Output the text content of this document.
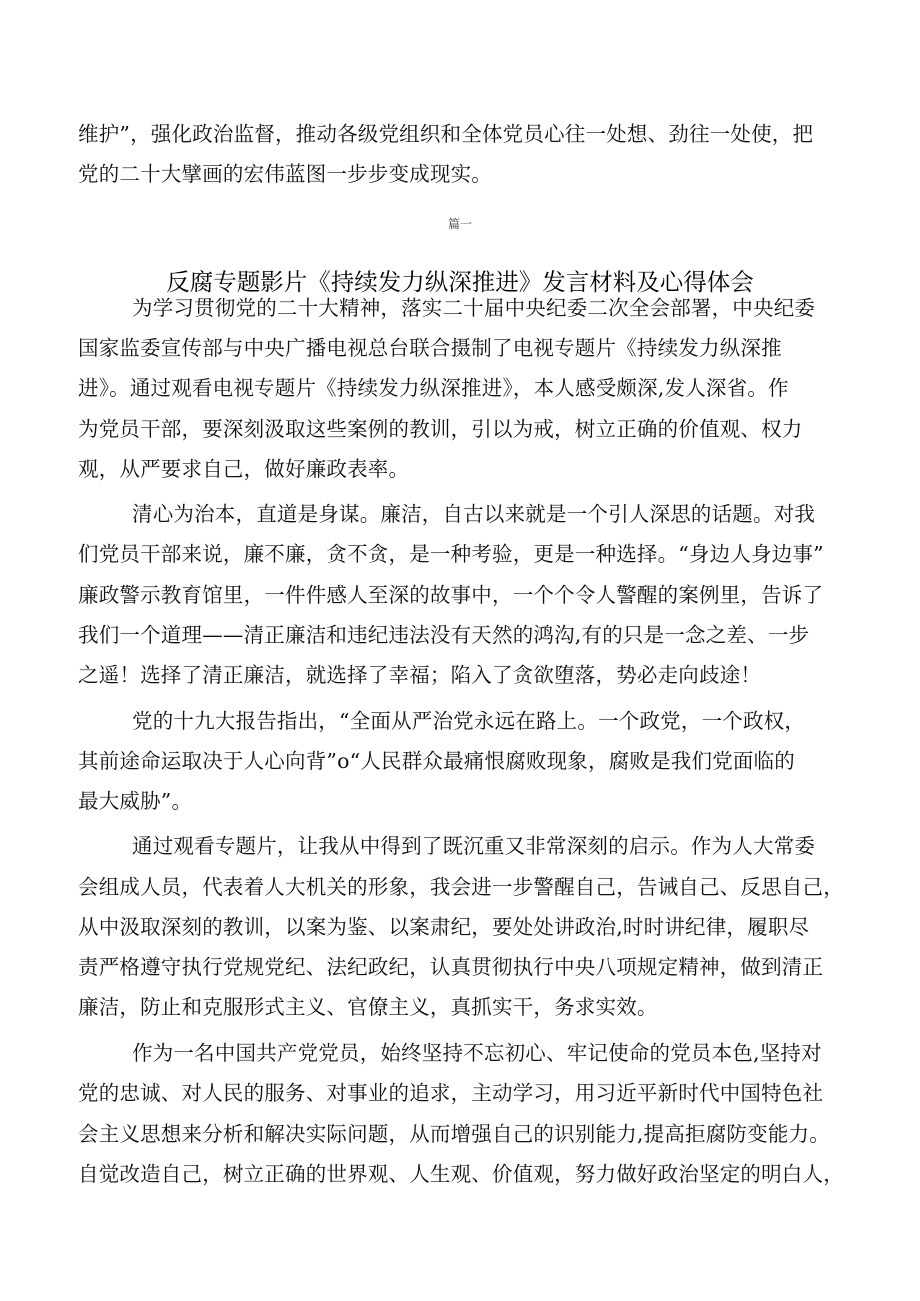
维护”，强化政治监督，推动各级党组织和全体党员心往一处想、劲往一处使，把
党的二十大擘画的宏伟蓝图一步步变成现实。
篇一
反腐专题影片《持续发力纵深推进》发言材料及心得体会
为学习贯彻党的二十大精神，落实二十届中央纪委二次全会部署，中央纪委
国家监委宣传部与中央广播电视总台联合摄制了电视专题片《持续发力纵深推
进》。通过观看电视专题片《持续发力纵深推进》，本人感受颇深,发人深省。作
为党员干部，要深刻汲取这些案例的教训，引以为戒，树立正确的价值观、权力
观，从严要求自己，做好廉政表率。
清心为治本，直道是身谋。廉洁，自古以来就是一个引人深思的话题。对我
们党员干部来说，廉不廉，贪不贪，是一种考验，更是一种选择。“身边人身边事”
廉政警示教育馆里，一件件感人至深的故事中，一个个令人警醒的案例里，告诉了
我们一个道理——清正廉洁和违纪违法没有天然的鸿沟,有的只是一念之差、一步
之遥！选择了清正廉洁，就选择了幸福；陷入了贪欲堕落，势必走向歧途！
党的十九大报告指出，“全面从严治党永远在路上。一个政党，一个政权，
其前途命运取决于人心向背”o“人民群众最痛恨腐败现象，腐败是我们党面临的
最大威胁”。
通过观看专题片，让我从中得到了既沉重又非常深刻的启示。作为人大常委
会组成人员，代表着人大机关的形象，我会进一步警醒自己，告诫自己、反思自己，
从中汲取深刻的教训，以案为鉴、以案肃纪，要处处讲政治,时时讲纪律，履职尽
责严格遵守执行党规党纪、法纪政纪，认真贯彻执行中央八项规定精神，做到清正
廉洁，防止和克服形式主义、官僚主义，真抓实干，务求实效。
作为一名中国共产党党员，始终坚持不忘初心、牢记使命的党员本色,坚持对
党的忠诚、对人民的服务、对事业的追求，主动学习，用习近平新时代中国特色社
会主义思想来分析和解决实际问题，从而增强自己的识别能力,提高拒腐防变能力。
自觉改造自己，树立正确的世界观、人生观、价值观，努力做好政治坚定的明白人，
